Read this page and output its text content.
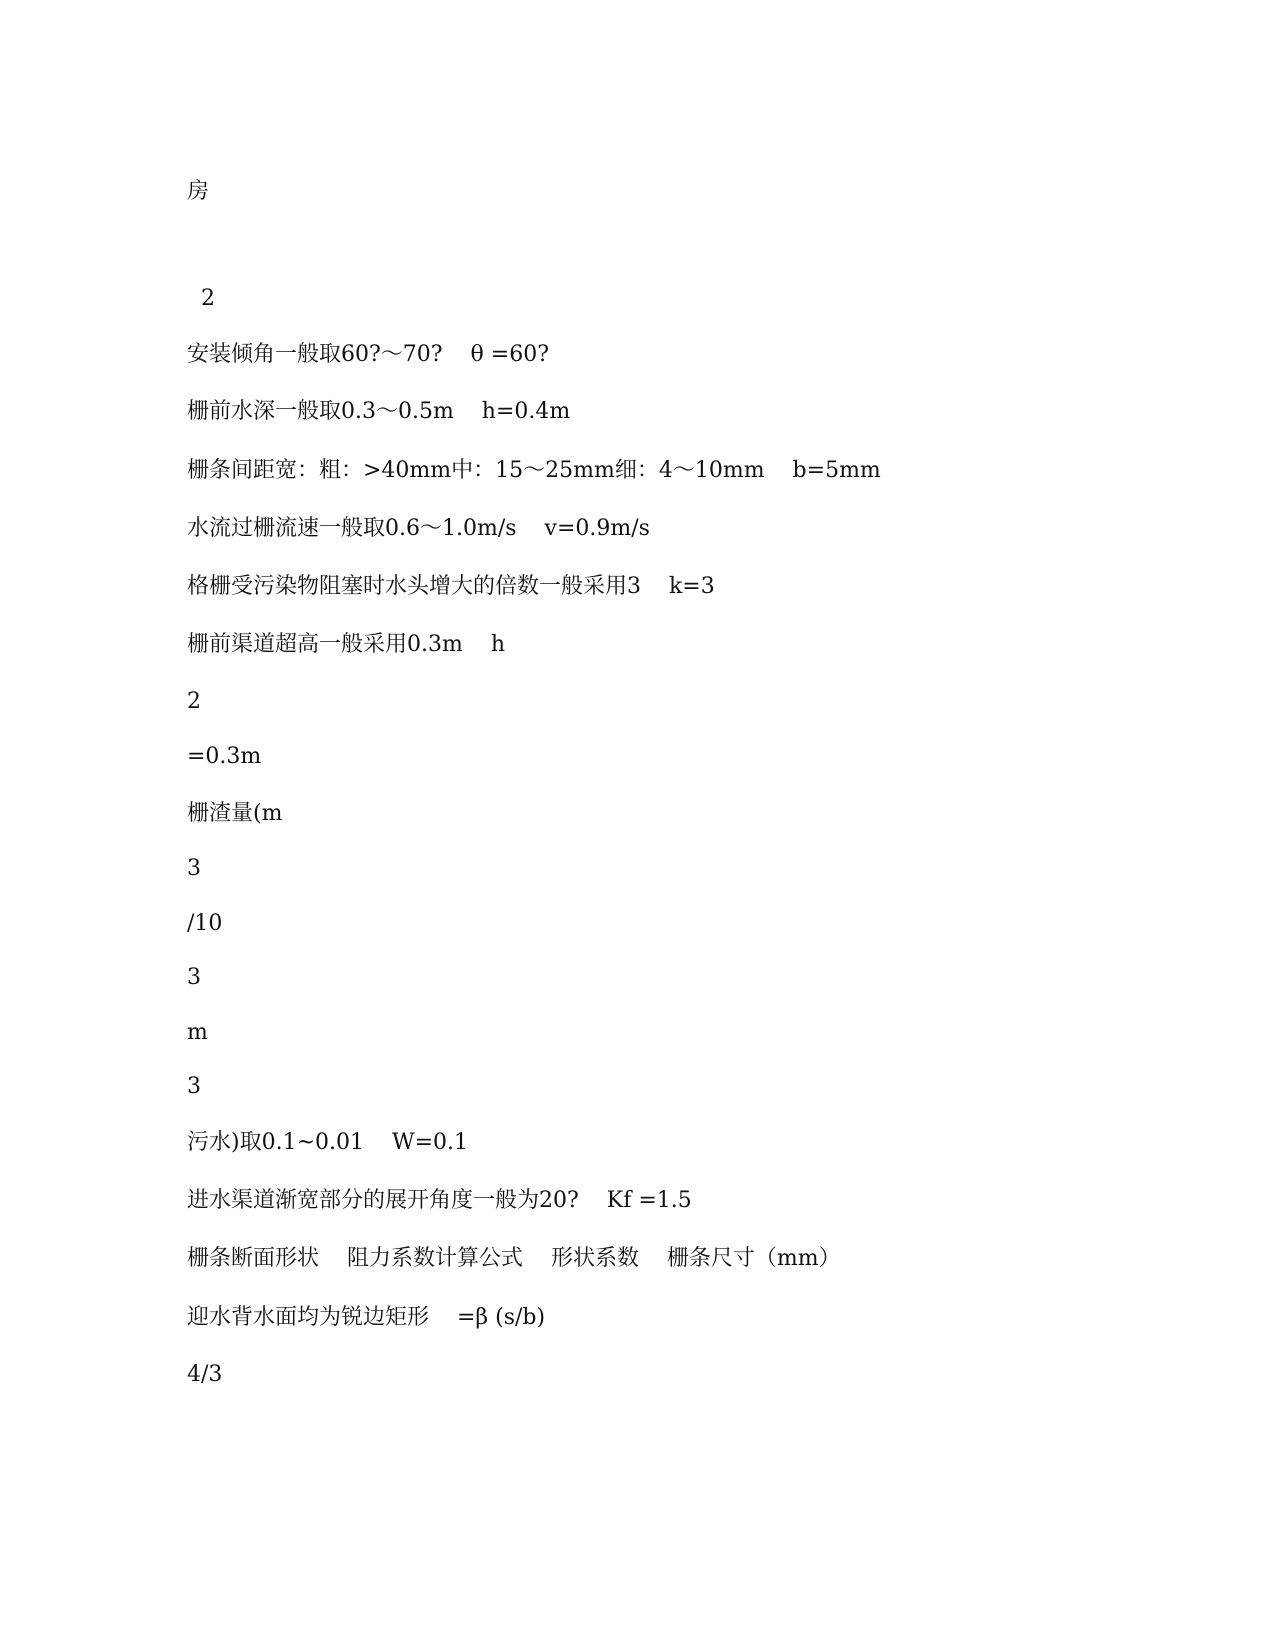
房
2
安装倾角一般取60?～70?    θ =60?
栅前水深一般取0.3～0.5m    h=0.4m
栅条间距宽：粗：>40mm中：15～25mm细：4～10mm    b=5mm
水流过栅流速一般取0.6～1.0m/s    v=0.9m/s
格栅受污染物阻塞时水头增大的倍数一般采用3    k=3
栅前渠道超高一般采用0.3m    h
2
=0.3m
栅渣量(m
3
/10
3
m
3
污水)取0.1~0.01    W=0.1
进水渠道渐宽部分的展开角度一般为20?    Kf =1.5
栅条断面形状    阻力系数计算公式    形状系数    栅条尺寸（mm）
迎水背水面均为锐边矩形    =β (s/b)
4/3
